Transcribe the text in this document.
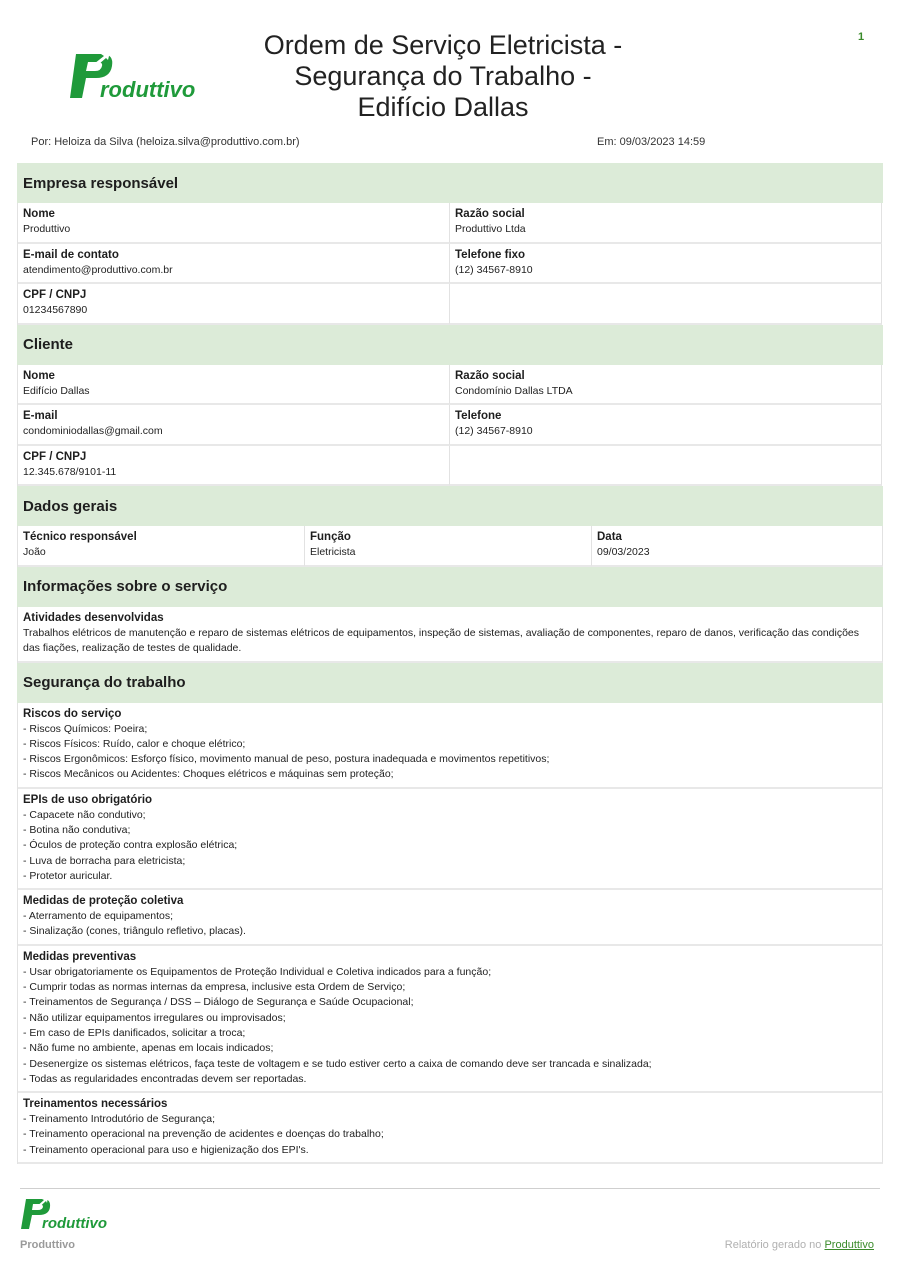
roduttivo
Ordem de Serviço Eletricista -
Segurança do Trabalho -
Edifício Dallas
1
Por: Heloiza da Silva (heloiza.silva@produttivo.com.br)	Em: 09/03/2023 14:59
Empresa responsável
Nome
Produttivo
Razão social
Produttivo Ltda
E-mail de contato
atendimento@produttivo.com.br
Telefone fixo
(12) 34567-8910
CPF / CNPJ
01234567890
Cliente
Nome
Edifício Dallas
Razão social
Condomínio Dallas LTDA
E-mail
condominiodallas@gmail.com
Telefone
(12) 34567-8910
CPF / CNPJ
12.345.678/9101-11
Dados gerais
Técnico responsável
João
Função
Eletricista
Data
09/03/2023
Informações sobre o serviço
Atividades desenvolvidas
Trabalhos elétricos de manutenção e reparo de sistemas elétricos de equipamentos, inspeção de sistemas, avaliação de componentes, reparo de danos, verificação das condições das fiações, realização de testes de qualidade.
Segurança do trabalho
Riscos do serviço
- Riscos Químicos: Poeira;
- Riscos Físicos: Ruído, calor e choque elétrico;
- Riscos Ergonômicos: Esforço físico, movimento manual de peso, postura inadequada e movimentos repetitivos;
- Riscos Mecânicos ou Acidentes: Choques elétricos e máquinas sem proteção;
EPIs de uso obrigatório
- Capacete não condutivo;
- Botina não condutiva;
- Óculos de proteção contra explosão elétrica;
- Luva de borracha para eletricista;
- Protetor auricular.
Medidas de proteção coletiva
- Aterramento de equipamentos;
- Sinalização (cones, triângulo refletivo, placas).
Medidas preventivas
- Usar obrigatoriamente os Equipamentos de Proteção Individual e Coletiva indicados para a função;
- Cumprir todas as normas internas da empresa, inclusive esta Ordem de Serviço;
- Treinamentos de Segurança / DSS – Diálogo de Segurança e Saúde Ocupacional;
- Não utilizar equipamentos irregulares ou improvisados;
- Em caso de EPIs danificados, solicitar a troca;
- Não fume no ambiente, apenas em locais indicados;
- Desenergize os sistemas elétricos, faça teste de voltagem e se tudo estiver certo a caixa de comando deve ser trancada e sinalizada;
- Todas as regularidades encontradas devem ser reportadas.
Treinamentos necessários
- Treinamento Introdutório de Segurança;
- Treinamento operacional na prevenção de acidentes e doenças do trabalho;
- Treinamento operacional para uso e higienização dos EPI's.
roduttivo
Produttivo	Relatório gerado no Produttivo
